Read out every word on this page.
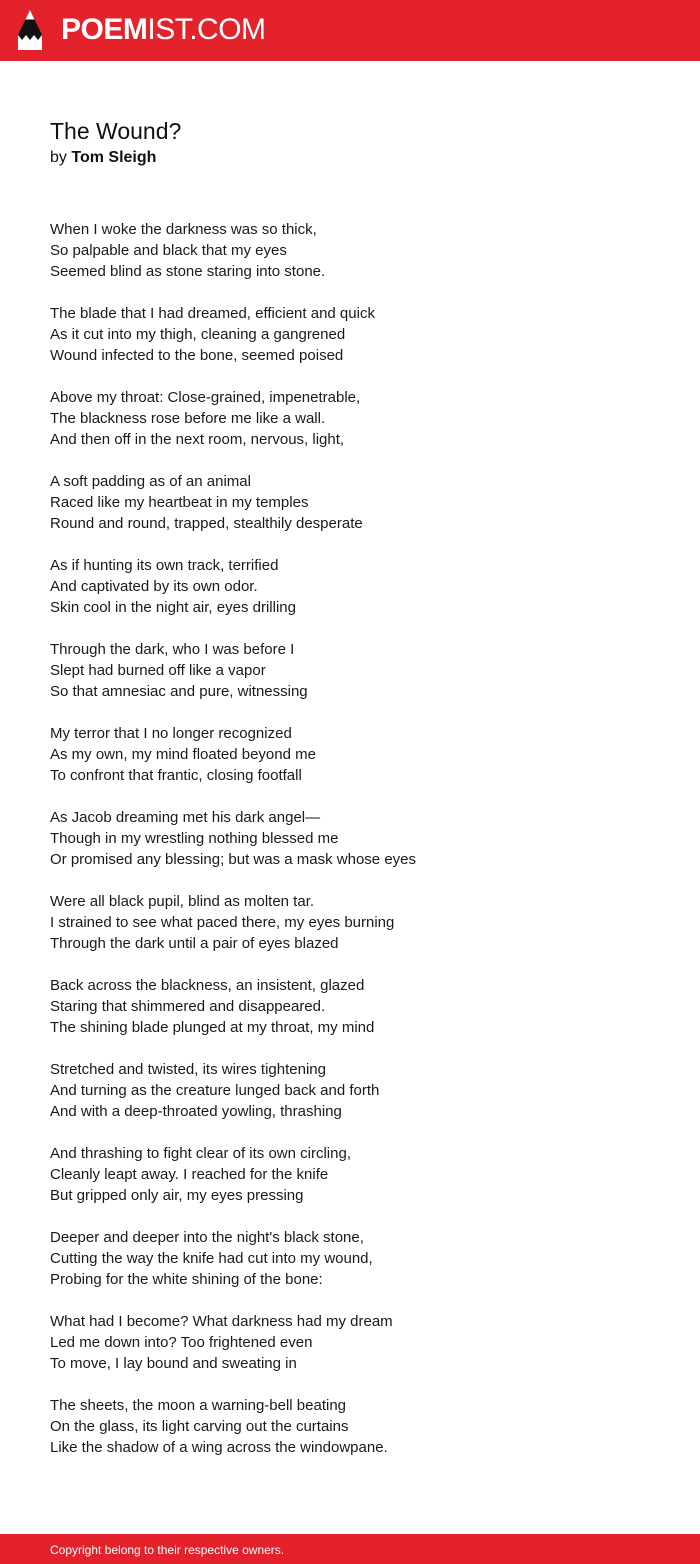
POEMIST.COM
The Wound?

by Tom Sleigh

When I woke the darkness was so thick,
So palpable and black that my eyes
Seemed blind as stone staring into stone.
The blade that I had dreamed, efficient and quick
As it cut into my thigh, cleaning a gangrened
Wound infected to the bone, seemed poised
Above my throat: Close-grained, impenetrable,
The blackness rose before me like a wall.
And then off in the next room, nervous, light,
A soft padding as of an animal
Raced like my heartbeat in my temples
Round and round, trapped, stealthily desperate
As if hunting its own track, terrified
And captivated by its own odor.
Skin cool in the night air, eyes drilling
Through the dark, who I was before I
Slept had burned off like a vapor
So that amnesiac and pure, witnessing
My terror that I no longer recognized
As my own, my mind floated beyond me
To confront that frantic, closing footfall
As Jacob dreaming met his dark angel—
Though in my wrestling nothing blessed me
Or promised any blessing; but was a mask whose eyes
Were all black pupil, blind as molten tar.
I strained to see what paced there, my eyes burning
Through the dark until a pair of eyes blazed
Back across the blackness, an insistent, glazed
Staring that shimmered and disappeared.
The shining blade plunged at my throat, my mind
Stretched and twisted, its wires tightening
And turning as the creature lunged back and forth
And with a deep-throated yowling, thrashing
And thrashing to fight clear of its own circling,
Cleanly leapt away. I reached for the knife
But gripped only air, my eyes pressing
Deeper and deeper into the night's black stone,
Cutting the way the knife had cut into my wound,
Probing for the white shining of the bone:
What had I become? What darkness had my dream
Led me down into? Too frightened even
To move, I lay bound and sweating in
The sheets, the moon a warning-bell beating
On the glass, its light carving out the curtains
Like the shadow of a wing across the windowpane.
Copyright belong to their respective owners.
